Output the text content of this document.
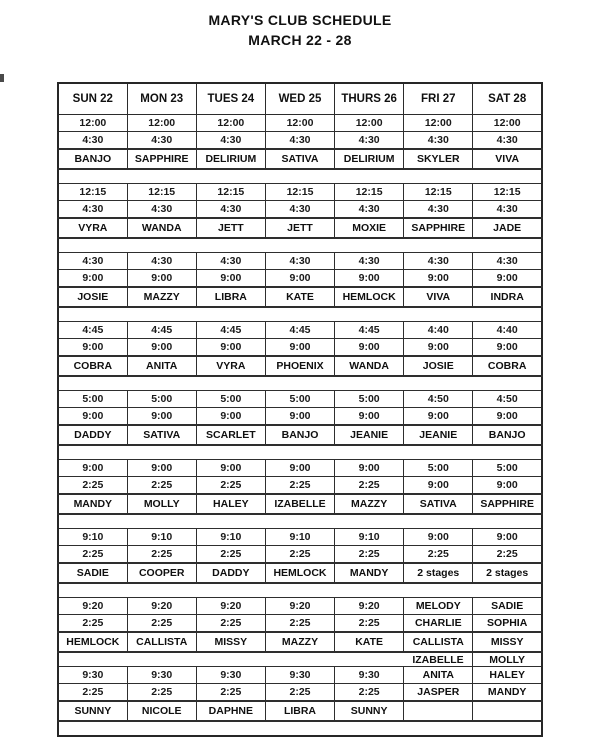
MARY'S CLUB SCHEDULE
MARCH 22 - 28
SUN 22	MON 23	TUES 24	WED 25	THURS 26	FRI 27	SAT 28
12:00	12:00	12:00	12:00	12:00	12:00	12:00
4:30	4:30	4:30	4:30	4:30	4:30	4:30
BANJO	SAPPHIRE	DELIRIUM	SATIVA	DELIRIUM	SKYLER	VIVA

12:15	12:15	12:15	12:15	12:15	12:15	12:15
4:30	4:30	4:30	4:30	4:30	4:30	4:30
VYRA	WANDA	JETT	JETT	MOXIE	SAPPHIRE	JADE

4:30	4:30	4:30	4:30	4:30	4:30	4:30
9:00	9:00	9:00	9:00	9:00	9:00	9:00
JOSIE	MAZZY	LIBRA	KATE	HEMLOCK	VIVA	INDRA

4:45	4:45	4:45	4:45	4:45	4:40	4:40
9:00	9:00	9:00	9:00	9:00	9:00	9:00
COBRA	ANITA	VYRA	PHOENIX	WANDA	JOSIE	COBRA

5:00	5:00	5:00	5:00	5:00	4:50	4:50
9:00	9:00	9:00	9:00	9:00	9:00	9:00
DADDY	SATIVA	SCARLET	BANJO	JEANIE	JEANIE	BANJO

9:00	9:00	9:00	9:00	9:00	5:00	5:00
2:25	2:25	2:25	2:25	2:25	9:00	9:00
MANDY	MOLLY	HALEY	IZABELLE	MAZZY	SATIVA	SAPPHIRE

9:10	9:10	9:10	9:10	9:10	9:00	9:00
2:25	2:25	2:25	2:25	2:25	2:25	2:25
SADIE	COOPER	DADDY	HEMLOCK	MANDY	2 stages	2 stages

9:20	9:20	9:20	9:20	9:20	MELODY	SADIE
2:25	2:25	2:25	2:25	2:25	CHARLIE	SOPHIA
HEMLOCK	CALLISTA	MISSY	MAZZY	KATE	CALLISTA	MISSY
					IZABELLE	MOLLY
9:30	9:30	9:30	9:30	9:30	ANITA	HALEY
2:25	2:25	2:25	2:25	2:25	JASPER	MANDY
SUNNY	NICOLE	DAPHNE	LIBRA	SUNNY		
